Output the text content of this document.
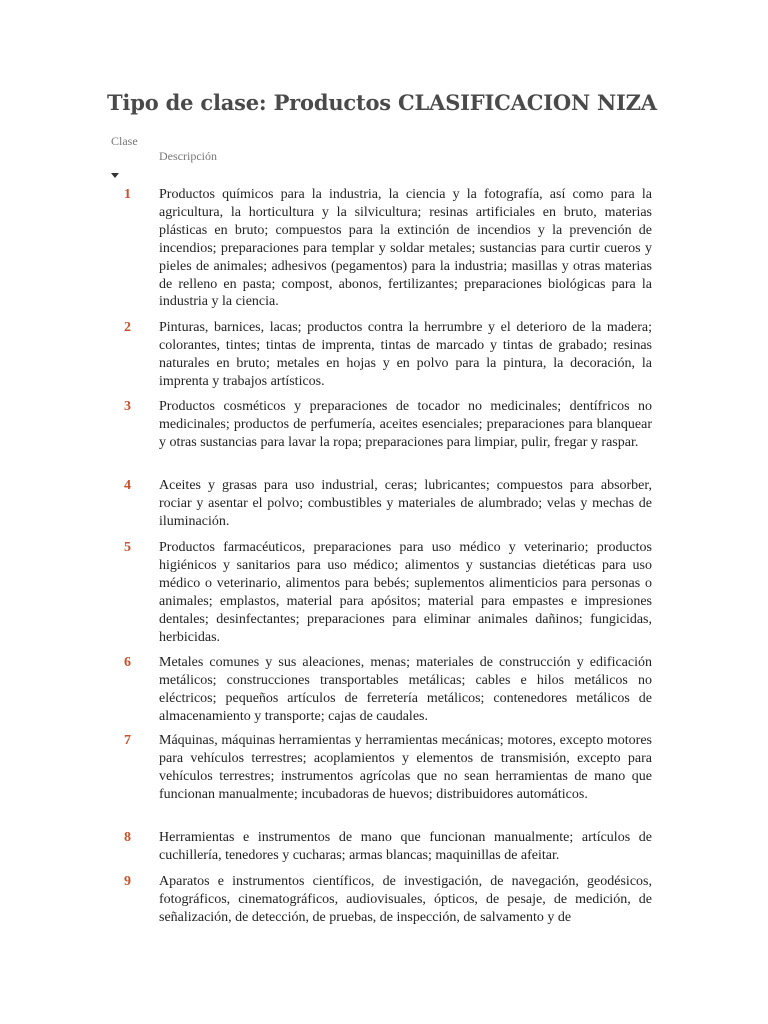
Tipo de clase: Productos CLASIFICACION NIZA
Clase
Descripción
1 Productos químicos para la industria, la ciencia y la fotografía, así como para la agricultura, la horticultura y la silvicultura; resinas artificiales en bruto, materias plásticas en bruto; compuestos para la extinción de incendios y la prevención de incendios; preparaciones para templar y soldar metales; sustancias para curtir cueros y pieles de animales; adhesivos (pegamentos) para la industria; masillas y otras materias de relleno en pasta; compost, abonos, fertilizantes; preparaciones biológicas para la industria y la ciencia.

2 Pinturas, barnices, lacas; productos contra la herrumbre y el deterioro de la madera; colorantes, tintes; tintas de imprenta, tintas de marcado y tintas de grabado; resinas naturales en bruto; metales en hojas y en polvo para la pintura, la decoración, la imprenta y trabajos artísticos.

3 Productos cosméticos y preparaciones de tocador no medicinales; dentífricos no medicinales; productos de perfumería, aceites esenciales; preparaciones para blanquear y otras sustancias para lavar la ropa; preparaciones para limpiar, pulir, fregar y raspar.

4 Aceites y grasas para uso industrial, ceras; lubricantes; compuestos para absorber, rociar y asentar el polvo; combustibles y materiales de alumbrado; velas y mechas de iluminación.

5 Productos farmacéuticos, preparaciones para uso médico y veterinario; productos higiénicos y sanitarios para uso médico; alimentos y sustancias dietéticas para uso médico o veterinario, alimentos para bebés; suplementos alimenticios para personas o animales; emplastos, material para apósitos; material para empastes e impresiones dentales; desinfectantes; preparaciones para eliminar animales dañinos; fungicidas, herbicidas.

6 Metales comunes y sus aleaciones, menas; materiales de construcción y edificación metálicos; construcciones transportables metálicas; cables e hilos metálicos no eléctricos; pequeños artículos de ferretería metálicos; contenedores metálicos de almacenamiento y transporte; cajas de caudales.

7 Máquinas, máquinas herramientas y herramientas mecánicas; motores, excepto motores para vehículos terrestres; acoplamientos y elementos de transmisión, excepto para vehículos terrestres; instrumentos agrícolas que no sean herramientas de mano que funcionan manualmente; incubadoras de huevos; distribuidores automáticos.

8 Herramientas e instrumentos de mano que funcionan manualmente; artículos de cuchillería, tenedores y cucharas; armas blancas; maquinillas de afeitar.

9 Aparatos e instrumentos científicos, de investigación, de navegación, geodésicos, fotográficos, cinematográficos, audiovisuales, ópticos, de pesaje, de medición, de señalización, de detección, de pruebas, de inspección, de salvamento y de
